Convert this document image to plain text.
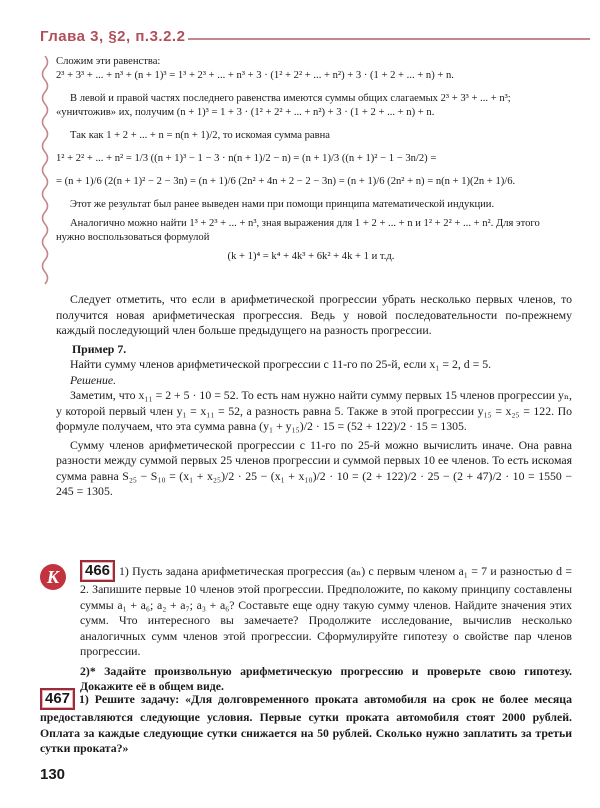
Глава 3, §2, п.3.2.2

Сложим эти равенства:

2³ + 3³ + ... + n³ + (n + 1)³ = 1³ + 2³ + ... + n³ + 3 · (1² + 2² + ... + n²) + 3 · (1 + 2 + ... + n) + n.

В левой и правой частях последнего равенства имеются суммы общих слагаемых 2³ + 3³ + ... + n³; «уничтожив» их, получим (n + 1)³ = 1 + 3 · (1² + 2² + ... + n²) + 3 · (1 + 2 + ... + n) + n.

Так как 1 + 2 + ... + n = n(n + 1)/2, то искомая сумма равна

1² + 2² + ... + n² = 1/3 ((n + 1)³ − 1 − 3 · n(n + 1)/2 − n) = (n + 1)/3 ((n + 1)² − 1 − 3n/2) =

= (n + 1)/6 (2(n + 1)² − 2 − 3n) = (n + 1)/6 (2n² + 4n + 2 − 2 − 3n) = (n + 1)/6 (2n² + n) = n(n + 1)(2n + 1)/6.

Этот же результат был ранее выведен нами при помощи принципа математической индукции.

Аналогично можно найти 1³ + 2³ + ... + n³, зная выражения для 1 + 2 + ... + n и 1² + 2² + ... + n². Для этого нужно воспользоваться формулой

(k + 1)⁴ = k⁴ + 4k³ + 6k² + 4k + 1 и т.д.

Следует отметить, что если в арифметической прогрессии убрать несколько первых членов, то получится новая арифметическая прогрессия. Ведь у новой последовательности по-прежнему каждый последующий член больше предыдущего на разность прогрессии.

Пример 7.

Найти сумму членов арифметической прогрессии с 11-го по 25-й, если x₁ = 2, d = 5.

Решение.

Заметим, что x₁₁ = 2 + 5 · 10 = 52. То есть нам нужно найти сумму первых 15 членов прогрессии yₙ, у которой первый член y₁ = x₁₁ = 52, а разность равна 5. Также в этой прогрессии y₁₅ = x₂₅ = 122. По формуле получаем, что эта сумма равна (y₁ + y₁₅)/2 · 15 = (52 + 122)/2 · 15 = 1305.

Сумму членов арифметической прогрессии с 11-го по 25-й можно вычислить иначе. Она равна разности между суммой первых 25 членов прогрессии и суммой первых 10 ее членов. То есть искомая сумма равна S₂₅ − S₁₀ = (x₁ + x₂₅)/2 · 25 − (x₁ + x₁₀)/2 · 10 = (2 + 122)/2 · 25 − (2 + 47)/2 · 10 = 1550 − 245 = 1305.

К	466 1) Пусть задана арифметическая прогрессия (aₙ) с первым членом a₁ = 7 и разностью d = 2. Запишите первые 10 членов этой прогрессии. Предположите, по какому принципу составлены суммы a₁ + a₆; a₂ + a₇; a₃ + a₆? Составьте еще одну такую сумму членов. Найдите значения этих сумм. Что интересного вы замечаете? Продолжите исследование, вычислив несколько аналогичных сумм членов этой прогрессии. Сформулируйте гипотезу о свойстве пар членов прогрессии.

2)* Задайте произвольную арифметическую прогрессию и проверьте свою гипотезу. Докажите её в общем виде.

467 1) Решите задачу: «Для долговременного проката автомобиля на срок не более месяца предоставляются следующие условия. Первые сутки проката автомобиля стоят 2000 рублей. Оплата за каждые следующие сутки снижается на 50 рублей. Сколько нужно заплатить за третьи сутки проката?»

130
